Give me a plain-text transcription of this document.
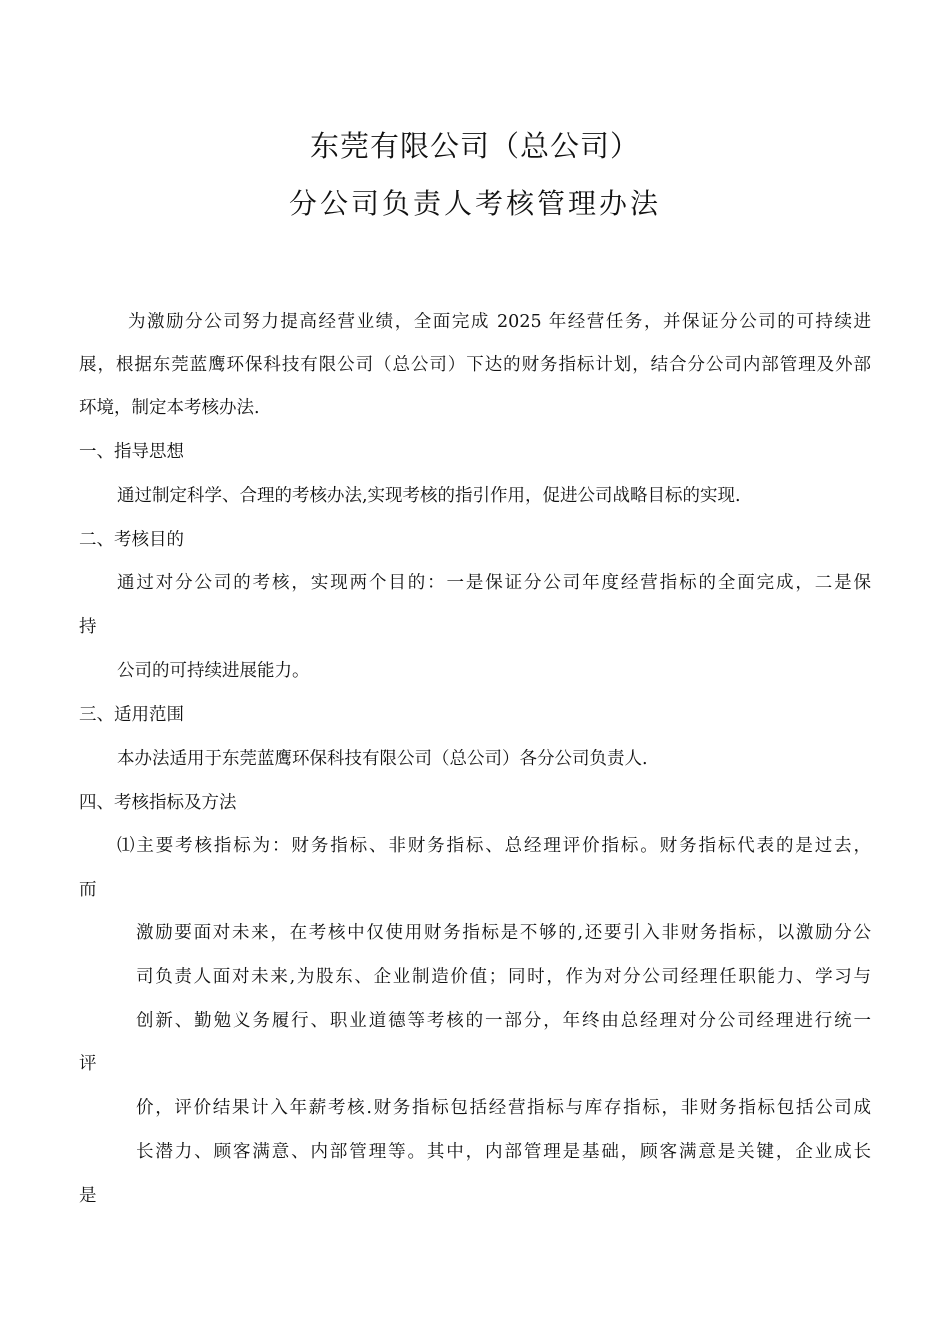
东莞有限公司（总公司）
分公司负责人考核管理办法
为激励分公司努力提高经营业绩，全面完成 2025 年经营任务，并保证分公司的可持续进
展，根据东莞蓝鹰环保科技有限公司（总公司）下达的财务指标计划，结合分公司内部管理及外部
环境，制定本考核办法.
一、指导思想
通过制定科学、合理的考核办法,实现考核的指引作用，促进公司战略目标的实现.
二、考核目的
通过对分公司的考核，实现两个目的：一是保证分公司年度经营指标的全面完成，二是保
持
公司的可持续进展能力。
三、适用范围
本办法适用于东莞蓝鹰环保科技有限公司（总公司）各分公司负责人.
四、考核指标及方法
⑴主要考核指标为：财务指标、非财务指标、总经理评价指标。财务指标代表的是过去，
而
激励要面对未来，在考核中仅使用财务指标是不够的,还要引入非财务指标，以激励分公
司负责人面对未来,为股东、企业制造价值；同时，作为对分公司经理任职能力、学习与
创新、勤勉义务履行、职业道德等考核的一部分，年终由总经理对分公司经理进行统一
评
价，评价结果计入年薪考核.财务指标包括经营指标与库存指标，非财务指标包括公司成
长潜力、顾客满意、内部管理等。其中，内部管理是基础，顾客满意是关键，企业成长
是
